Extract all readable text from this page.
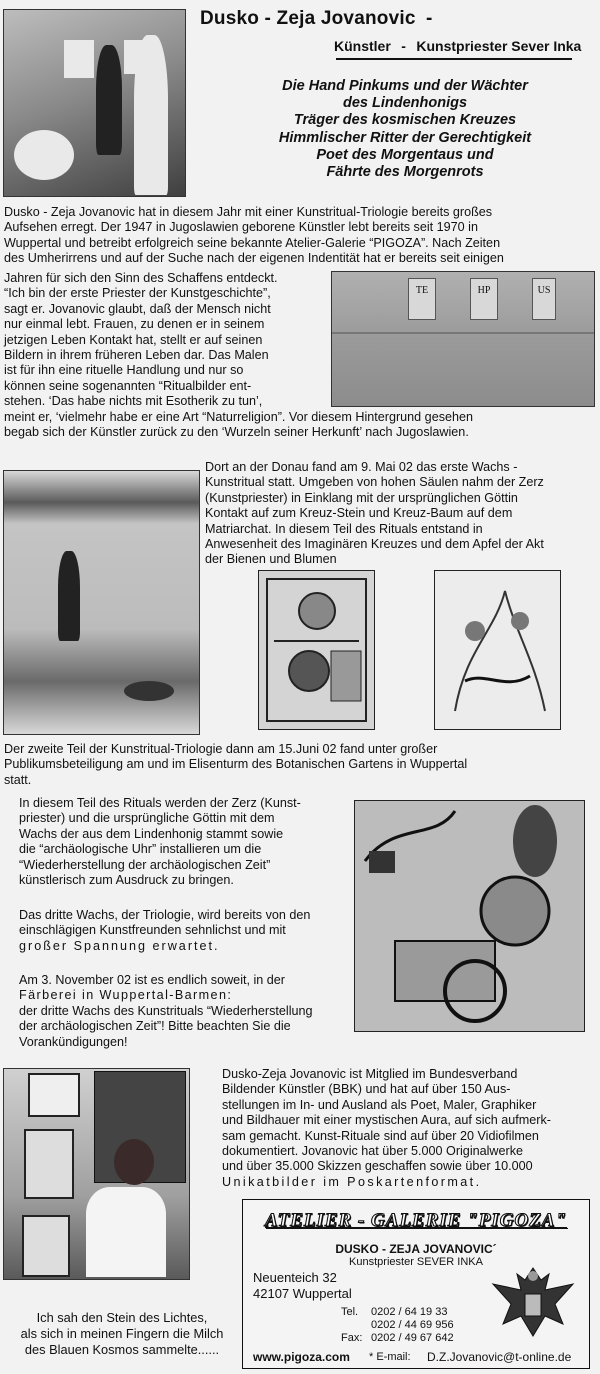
Dusko - Zeja Jovanovic -
Künstler - Kunstpriester Sever Inka
Die Hand Pinkums und der Wächter
des Lindenhonigs
Träger des kosmischen Kreuzes
Himmlischer Ritter der Gerechtigkeit
Poet des Morgentaus und
Fährte des Morgenrots

Dusko - Zeja Jovanovic hat in diesem Jahr mit einer Kunstritual-Triologie bereits großes

Aufsehen erregt. Der 1947 in Jugoslawien geborene Künstler lebt bereits seit 1970 in

Wuppertal und betreibt erfolgreich seine bekannte Atelier-Galerie “PIGOZA”. Nach Zeiten

des Umherirrens und auf der Suche nach der eigenen Indentität hat er bereits seit einigen

Jahren für sich den Sinn des Schaffens entdeckt.

“Ich bin der erste Priester der Kunstgeschichte”,

sagt er. Jovanovic glaubt, daß der Mensch nicht

nur einmal lebt. Frauen, zu denen er in seinem

jetzigen Leben Kontakt hat, stellt er auf seinen

Bildern in ihrem früheren Leben dar. Das Malen

ist für ihn eine rituelle Handlung und nur so

können seine sogenannten “Ritualbilder ent-

stehen. ‘Das habe nichts mit Esotherik zu tun’,

TE	HP	US

meint er, ‘vielmehr habe er eine Art “Naturreligion”. Vor diesem Hintergrund gesehen

begab sich der Künstler zurück zu den ‘Wurzeln seiner Herkunft’ nach Jugoslawien.

Dort an der Donau fand am 9. Mai 02 das erste Wachs -

Kunstritual statt. Umgeben von hohen Säulen nahm der Zerz

(Kunstpriester) in Einklang mit der ursprünglichen Göttin

Kontakt auf zum Kreuz-Stein und Kreuz-Baum auf dem

Matriarchat. In diesem Teil des Rituals entstand in

Anwesenheit des Imaginären Kreuzes und dem Apfel der Akt

der Bienen und Blumen

Der zweite Teil der Kunstritual-Triologie dann am 15.Juni 02 fand unter großer

Publikumsbeteiligung am und im Elisenturm des Botanischen Gartens in Wuppertal

statt.

In diesem Teil des Rituals werden der Zerz (Kunst-

priester) und die ursprüngliche Göttin mit dem

Wachs der aus dem Lindenhonig stammt sowie

die “archäologische Uhr” installieren um die

“Wiederherstellung der archäologischen Zeit”

künstlerisch zum Ausdruck zu bringen.

Das dritte Wachs, der Triologie, wird bereits von den

einschlägigen Kunstfreunden sehnlichst und mit

großer Spannung erwartet.

Am 3. November 02 ist es endlich soweit, in der

Färberei in Wuppertal-Barmen:

der dritte Wachs des Kunstrituals “Wiederherstellung

der archäologischen Zeit”! Bitte beachten Sie die

Vorankündigungen!

Dusko-Zeja Jovanovic ist Mitglied im Bundesverband

Bildender Künstler (BBK) und hat auf über 150 Aus-

stellungen im In- und Ausland als Poet, Maler, Graphiker

und Bildhauer mit einer mystischen Aura, auf sich aufmerk-

sam gemacht. Kunst-Rituale sind auf über 20 Vidiofilmen

dokumentiert. Jovanovic hat über 5.000 Originalwerke

und über 35.000 Skizzen geschaffen sowie über 10.000

Unikatbilder im Poskartenformat.

Ich sah den Stein des Lichtes,
als sich in meinen Fingern die Milch
des Blauen Kosmos sammelte......
ATELIER - GALERIE "PIGOZA"
DUSKO - ZEJA JOVANOVIC´
Kunstpriester SEVER INKA
Neuenteich 32
42107 Wuppertal
Tel. 0202 / 64 19 33
0202 / 44 69 956
Fax: 0202 / 49 67 642
www.pigoza.com * E-mail: D.Z.Jovanovic@t-online.de
